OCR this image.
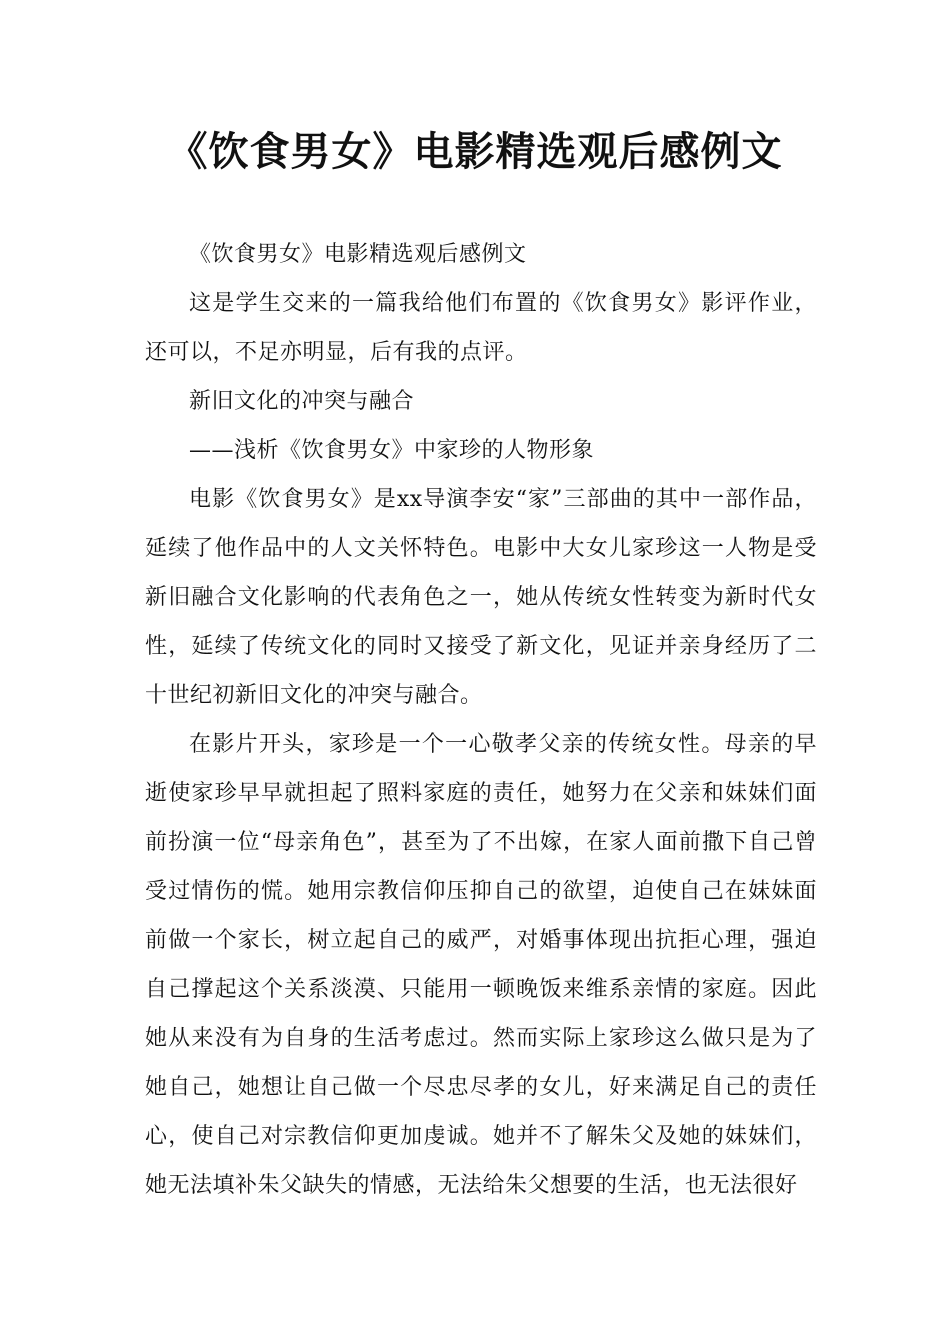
《饮食男女》电影精选观后感例文

《饮食男女》电影精选观后感例文

这是学生交来的一篇我给他们布置的《饮食男女》影评作业，还可以，不足亦明显，后有我的点评。

新旧文化的冲突与融合

——浅析《饮食男女》中家珍的人物形象

电影《饮食男女》是xx导演李安“家”三部曲的其中一部作品，延续了他作品中的人文关怀特色。电影中大女儿家珍这一人物是受新旧融合文化影响的代表角色之一，她从传统女性转变为新时代女性，延续了传统文化的同时又接受了新文化，见证并亲身经历了二十世纪初新旧文化的冲突与融合。

在影片开头，家珍是一个一心敬孝父亲的传统女性。母亲的早逝使家珍早早就担起了照料家庭的责任，她努力在父亲和妹妹们面前扮演一位“母亲角色”，甚至为了不出嫁，在家人面前撒下自己曾受过情伤的慌。她用宗教信仰压抑自己的欲望，迫使自己在妹妹面前做一个家长，树立起自己的威严，对婚事体现出抗拒心理，强迫自己撑起这个关系淡漠、只能用一顿晚饭来维系亲情的家庭。因此她从来没有为自身的生活考虑过。然而实际上家珍这么做只是为了她自己，她想让自己做一个尽忠尽孝的女儿，好来满足自己的责任心，使自己对宗教信仰更加虔诚。她并不了解朱父及她的妹妹们，她无法填补朱父缺失的情感，无法给朱父想要的生活，也无法很好
